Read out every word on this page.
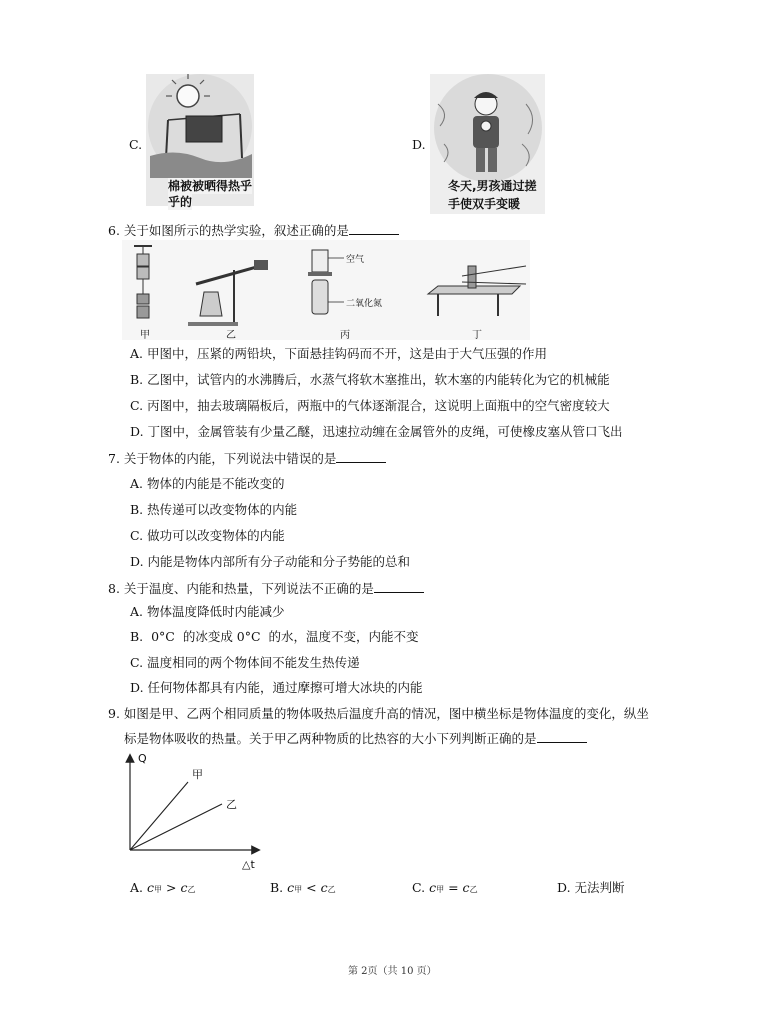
C.
棉被被晒得热乎
乎的
D.
冬天,男孩通过搓
手使双手变暖
6. 关于如图所示的热学实验，叙述正确的是
甲	乙	丙	丁
空气
二氧化氮
A. 甲图中，压紧的两铅块，下面悬挂钩码而不开，这是由于大气压强的作用
B. 乙图中，试管内的水沸腾后，水蒸气将软木塞推出，软木塞的内能转化为它的机械能
C. 丙图中，抽去玻璃隔板后，两瓶中的气体逐渐混合，这说明上面瓶中的空气密度较大
D. 丁图中，金属管装有少量乙醚，迅速拉动缠在金属管外的皮绳，可使橡皮塞从管口飞出
7. 关于物体的内能，下列说法中错误的是
A. 物体的内能是不能改变的
B. 热传递可以改变物体的内能
C. 做功可以改变物体的内能
D. 内能是物体内部所有分子动能和分子势能的总和
8. 关于温度、内能和热量，下列说法不正确的是
A. 物体温度降低时内能减少
B.  0°C  的冰变成 0°C  的水，温度不变，内能不变
C. 温度相同的两个物体间不能发生热传递
D. 任何物体都具有内能，通过摩擦可增大冰块的内能
9. 如图是甲、乙两个相同质量的物体吸热后温度升高的情况，图中横坐标是物体温度的变化，纵坐
标是物体吸收的热量。关于甲乙两种物质的比热容的大小下列判断正确的是
Q
△t
甲
乙
A. c甲 > c乙	B. c甲 < c乙	C. c甲 = c乙	D. 无法判断
第 2页（共 10 页）
